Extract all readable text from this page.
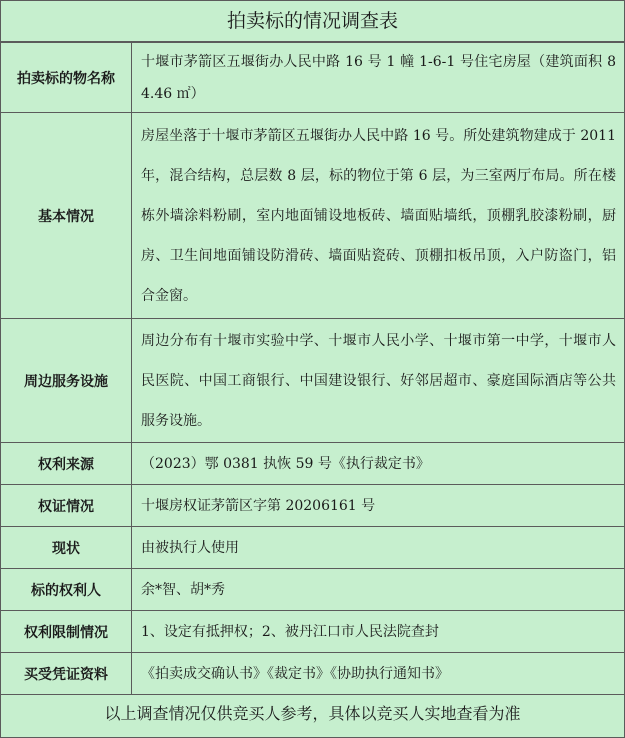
拍卖标的情况调查表
拍卖标的物名称	十堰市茅箭区五堰街办人民中路 16 号 1 幢 1-6-1 号住宅房屋（建筑面积 84.46 ㎡）
基本情况	房屋坐落于十堰市茅箭区五堰街办人民中路 16 号。所处建筑物建成于 2011 年，混合结构，总层数 8 层，标的物位于第 6 层，为三室两厅布局。所在楼栋外墙涂料粉刷，室内地面铺设地板砖、墙面贴墙纸，顶棚乳胶漆粉刷，厨房、卫生间地面铺设防滑砖、墙面贴瓷砖、顶棚扣板吊顶，入户防盗门，铝合金窗。
周边服务设施	周边分布有十堰市实验中学、十堰市人民小学、十堰市第一中学，十堰市人民医院、中国工商银行、中国建设银行、好邻居超市、豪庭国际酒店等公共服务设施。
权利来源	（2023）鄂 0381 执恢 59 号《执行裁定书》
权证情况	十堰房权证茅箭区字第 20206161 号
现状	由被执行人使用
标的权利人	余*智、胡*秀
权利限制情况	1、设定有抵押权；2、被丹江口市人民法院查封
买受凭证资料	《拍卖成交确认书》《裁定书》《协助执行通知书》
以上调查情况仅供竞买人参考，具体以竞买人实地查看为准
